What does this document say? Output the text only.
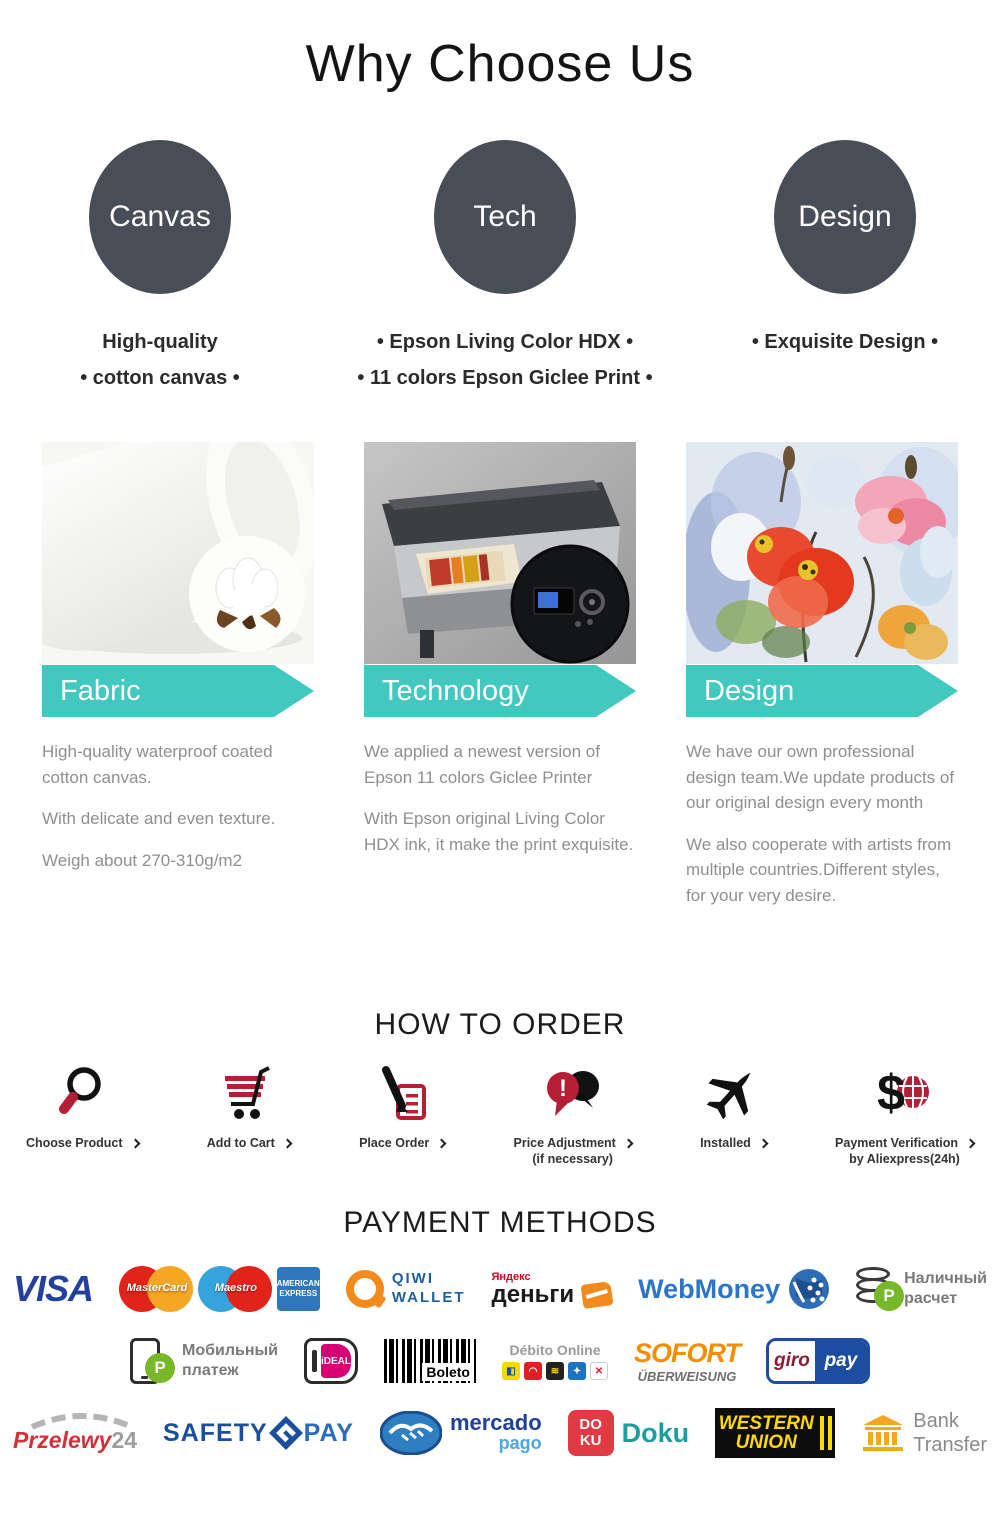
Why Choose Us
Canvas	Tech	Design
High-quality
• cotton canvas •
• Epson Living Color HDX •
• 11 colors Epson Giclee Print •
• Exquisite Design •
Fabric

High-quality waterproof coated cotton canvas.

With delicate and even texture.

Weigh about 270-310g/m2

Technology

We applied a newest version of Epson 11 colors Giclee Printer

With Epson original Living Color HDX ink, it make the print exquisite.

Design

We have our own professional design team.We update products of our original design every month

We also cooperate with artists from multiple countries.Different styles, for your very desire.

HOW TO ORDER
Choose Product	Add to Cart	Place Order
!
Price Adjustment
(if necessary)
Installed
$
Payment Verification
by Aliexpress(24h)
PAYMENT METHODS
VISA	MasterCard	Maestro	AMERICAN
EXPRESS
QIWI
WALLET
Яндекс
деньги WebMoney	P
Наличный
расчет
P
Мобильный
платеж
iDEAL
Boleto
Débito Online
◧	◠	≋	✦	✕
SOFORT
ÜBERWEISUNG
giro pay
Przelewy24 SAFETY PAY	mercado
pago
DO
KU Doku WESTERN
UNION
Bank
Transfer
